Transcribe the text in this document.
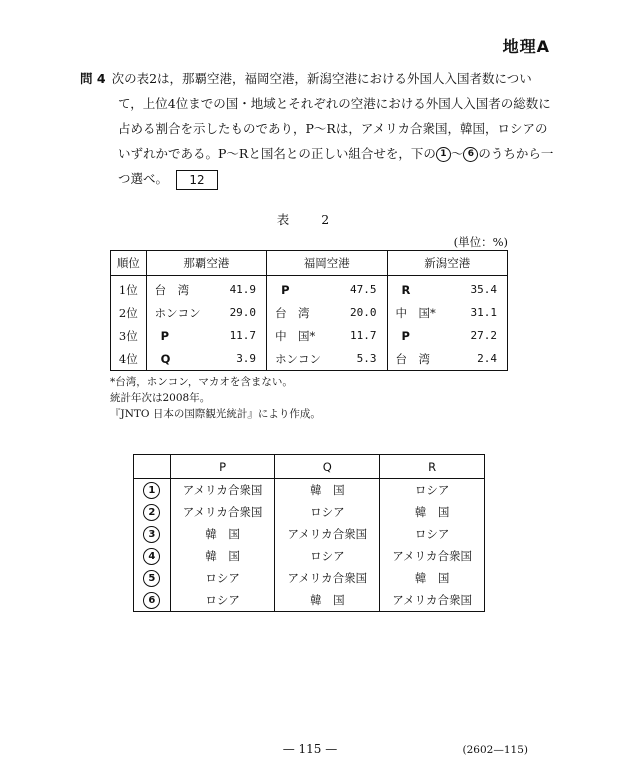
地理A
問 4 次の表2は，那覇空港，福岡空港，新潟空港における外国人入国者数につい
て，上位4位までの国・地域とそれぞれの空港における外国人入国者の総数に
占める割合を示したものであり，P～Rは，アメリカ合衆国，韓国，ロシアの
いずれかである。P～Rと国名との正しい組合せを，下の 1 ～ 6 のうちから一
つ選べ。 12
表 2
(単位：%)
順位	那覇空港		福岡空港		新潟空港	
1位	台　湾	41.9	P	47.5	R	35.4
2位	ホンコン	29.0	台　湾	20.0	中　国*	31.1
3位	P	11.7	中　国*	11.7	P	27.2
4位	Q	3.9	ホンコン	5.3	台　湾	2.4
*台湾，ホンコン，マカオを含まない。
統計年次は2008年。
『JNTO 日本の国際観光統計』により作成。
	P	Q	R
1	アメリカ合衆国	韓　国	ロシア
2	アメリカ合衆国	ロシア	韓　国
3	韓　国	アメリカ合衆国	ロシア
4	韓　国	ロシア	アメリカ合衆国
5	ロシア	アメリカ合衆国	韓　国
6	ロシア	韓　国	アメリカ合衆国
— 115 —	(2602—115)
